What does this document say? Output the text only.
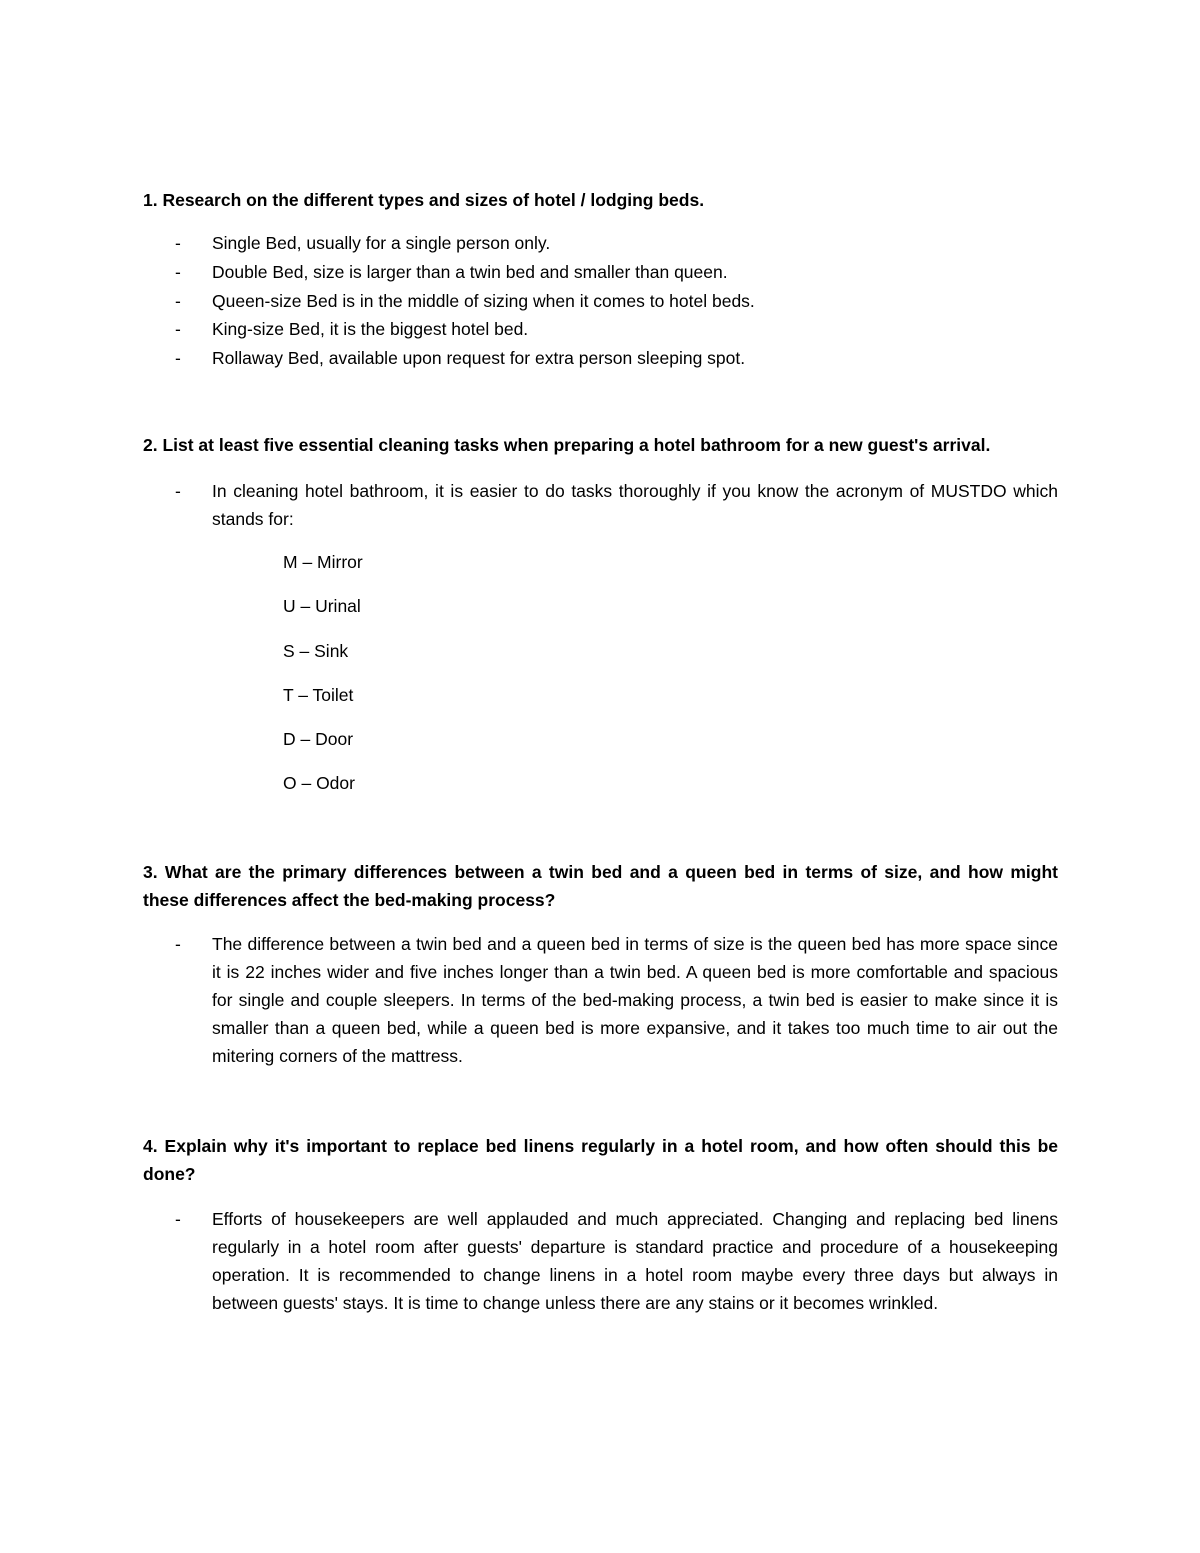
1. Research on the different types and sizes of hotel / lodging beds.

- Single Bed, usually for a single person only.
- Double Bed, size is larger than a twin bed and smaller than queen.
- Queen-size Bed is in the middle of sizing when it comes to hotel beds.
- King-size Bed, it is the biggest hotel bed.
- Rollaway Bed, available upon request for extra person sleeping spot.

2. List at least five essential cleaning tasks when preparing a hotel bathroom for a new guest's arrival.

- In cleaning hotel bathroom, it is easier to do tasks thoroughly if you know the acronym of MUSTDO which stands for:
M – Mirror
U – Urinal
S – Sink
T – Toilet
D – Door
O – Odor

3. What are the primary differences between a twin bed and a queen bed in terms of size, and how might these differences affect the bed-making process?

- The difference between a twin bed and a queen bed in terms of size is the queen bed has more space since it is 22 inches wider and five inches longer than a twin bed. A queen bed is more comfortable and spacious for single and couple sleepers. In terms of the bed-making process, a twin bed is easier to make since it is smaller than a queen bed, while a queen bed is more expansive, and it takes too much time to air out the mitering corners of the mattress.

4. Explain why it's important to replace bed linens regularly in a hotel room, and how often should this be done?

- Efforts of housekeepers are well applauded and much appreciated. Changing and replacing bed linens regularly in a hotel room after guests' departure is standard practice and procedure of a housekeeping operation. It is recommended to change linens in a hotel room maybe every three days but always in between guests' stays. It is time to change unless there are any stains or it becomes wrinkled.
